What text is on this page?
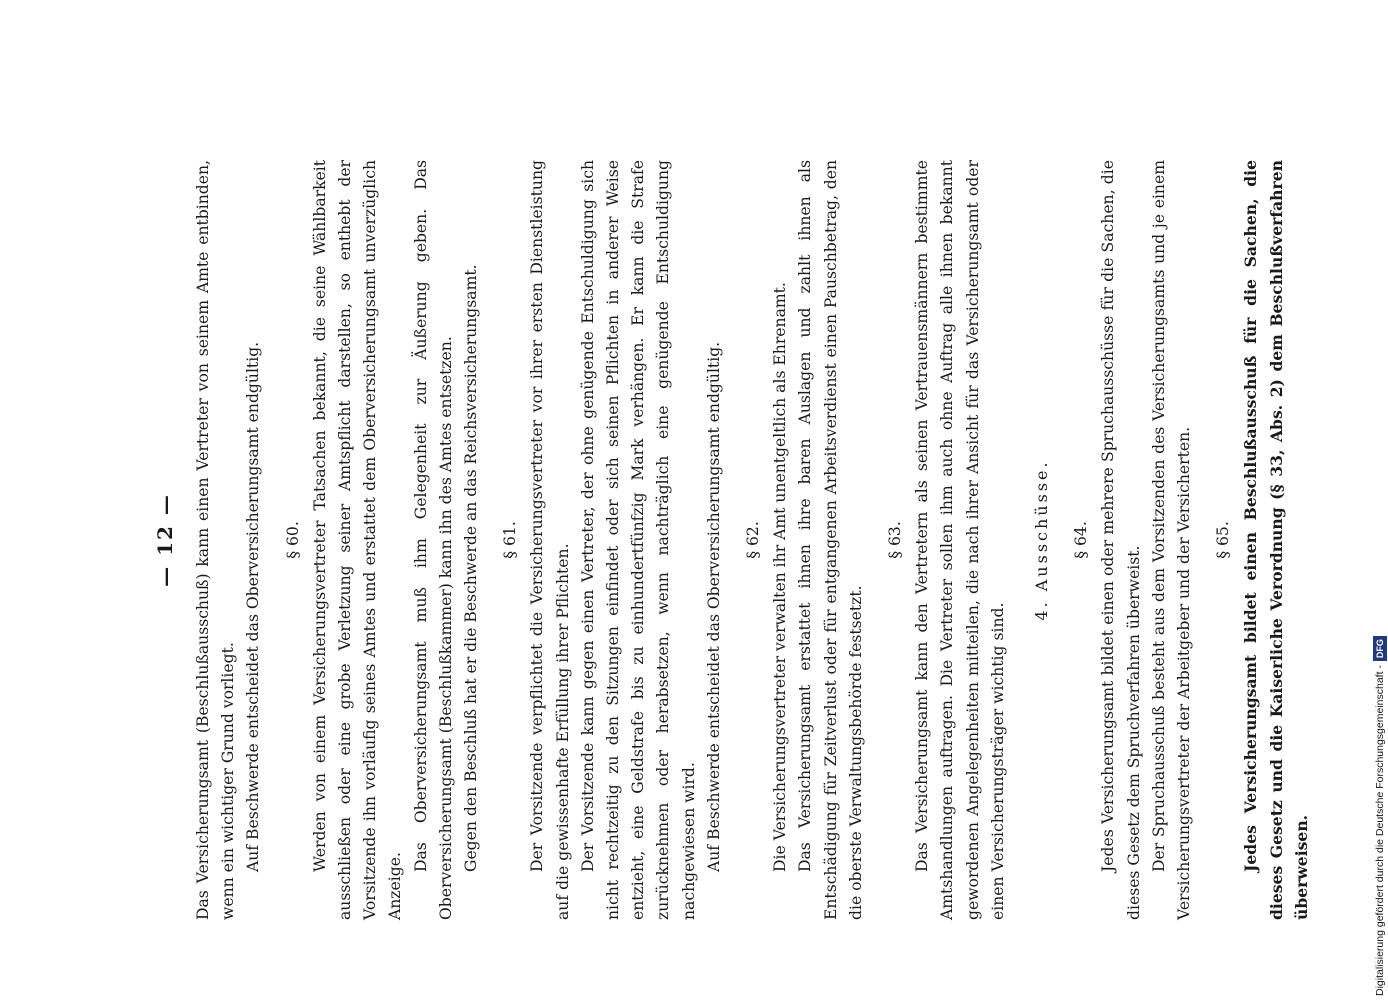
— 12 —	Das Versicherungsamt (Beschlußausschuß) kann einen Vertreter von seinem Amte entbinden, wenn ein wichtiger Grund vorliegt. Auf Beschwerde entscheidet das Oberversicherungsamt endgültig. § 60. Werden von einem Versicherungsvertreter Tatsachen bekannt, die seine Wählbarkeit ausschließen oder eine grobe Verletzung seiner Amtspflicht darstellen, so enthebt der Vorsitzende ihn vorläufig seines Amtes und erstattet dem Oberversicherungsamt unverzüglich Anzeige.

Das Oberversicherungsamt muß ihm Gelegenheit zur Äußerung geben. Das Oberversicherungsamt (Beschlußkammer) kann ihn des Amtes entsetzen. Gegen den Beschluß hat er die Beschwerde an das Reichsversicherungsamt. § 61. Der Vorsitzende verpflichtet die Versicherungsvertreter vor ihrer ersten Dienstleistung auf die gewissenhafte Erfüllung ihrer Pflichten. Der Vorsitzende kann gegen einen Vertreter, der ohne genügende Entschuldigung sich nicht rechtzeitig zu den Sitzungen einfindet oder sich seinen Pflichten in anderer Weise entzieht, eine Geldstrafe bis zu einhundertfünfzig Mark verhängen. Er kann die Strafe zurücknehmen oder herabsetzen, wenn nachträglich eine genügende Entschuldigung nachgewiesen wird. Auf Beschwerde entscheidet das Oberversicherungsamt endgültig. § 62. Die Versicherungsvertreter verwalten ihr Amt unentgeltlich als Ehrenamt. Das Versicherungsamt erstattet ihnen ihre baren Auslagen und zahlt ihnen als Entschädigung für Zeitverlust oder für entgangenen Arbeitsverdienst einen Pauschbetrag, den die oberste Verwaltungsbehörde festsetzt.

§ 63. Das Versicherungsamt kann den Vertretern als seinen Vertrauensmännern bestimmte Amtshandlungen auftragen. Die Vertreter sollen ihm auch ohne Auftrag alle ihnen bekannt gewordenen Angelegenheiten mitteilen, die nach ihrer Ansicht für das Versicherungsamt oder einen Versicherungsträger wichtig sind.

4. Ausschüsse. § 64. Jedes Versicherungsamt bildet einen oder mehrere Spruchausschüsse für die Sachen, die dieses Gesetz dem Spruchverfahren überweist. Der Spruchausschuß besteht aus dem Vorsitzenden des Versicherungsamts und je einem Versicherungsvertreter der Arbeitgeber und der Versicherten. § 65. Jedes Versicherungsamt bildet einen Beschlußausschuß für die Sachen, die dieses Gesetz und die Kaiserliche Verordnung (§ 33, Abs. 2) dem Beschlußverfahren überweisen.	Digitalisierung gefördert durch die Deutsche Forschungsgemeinschaft -
DFG
